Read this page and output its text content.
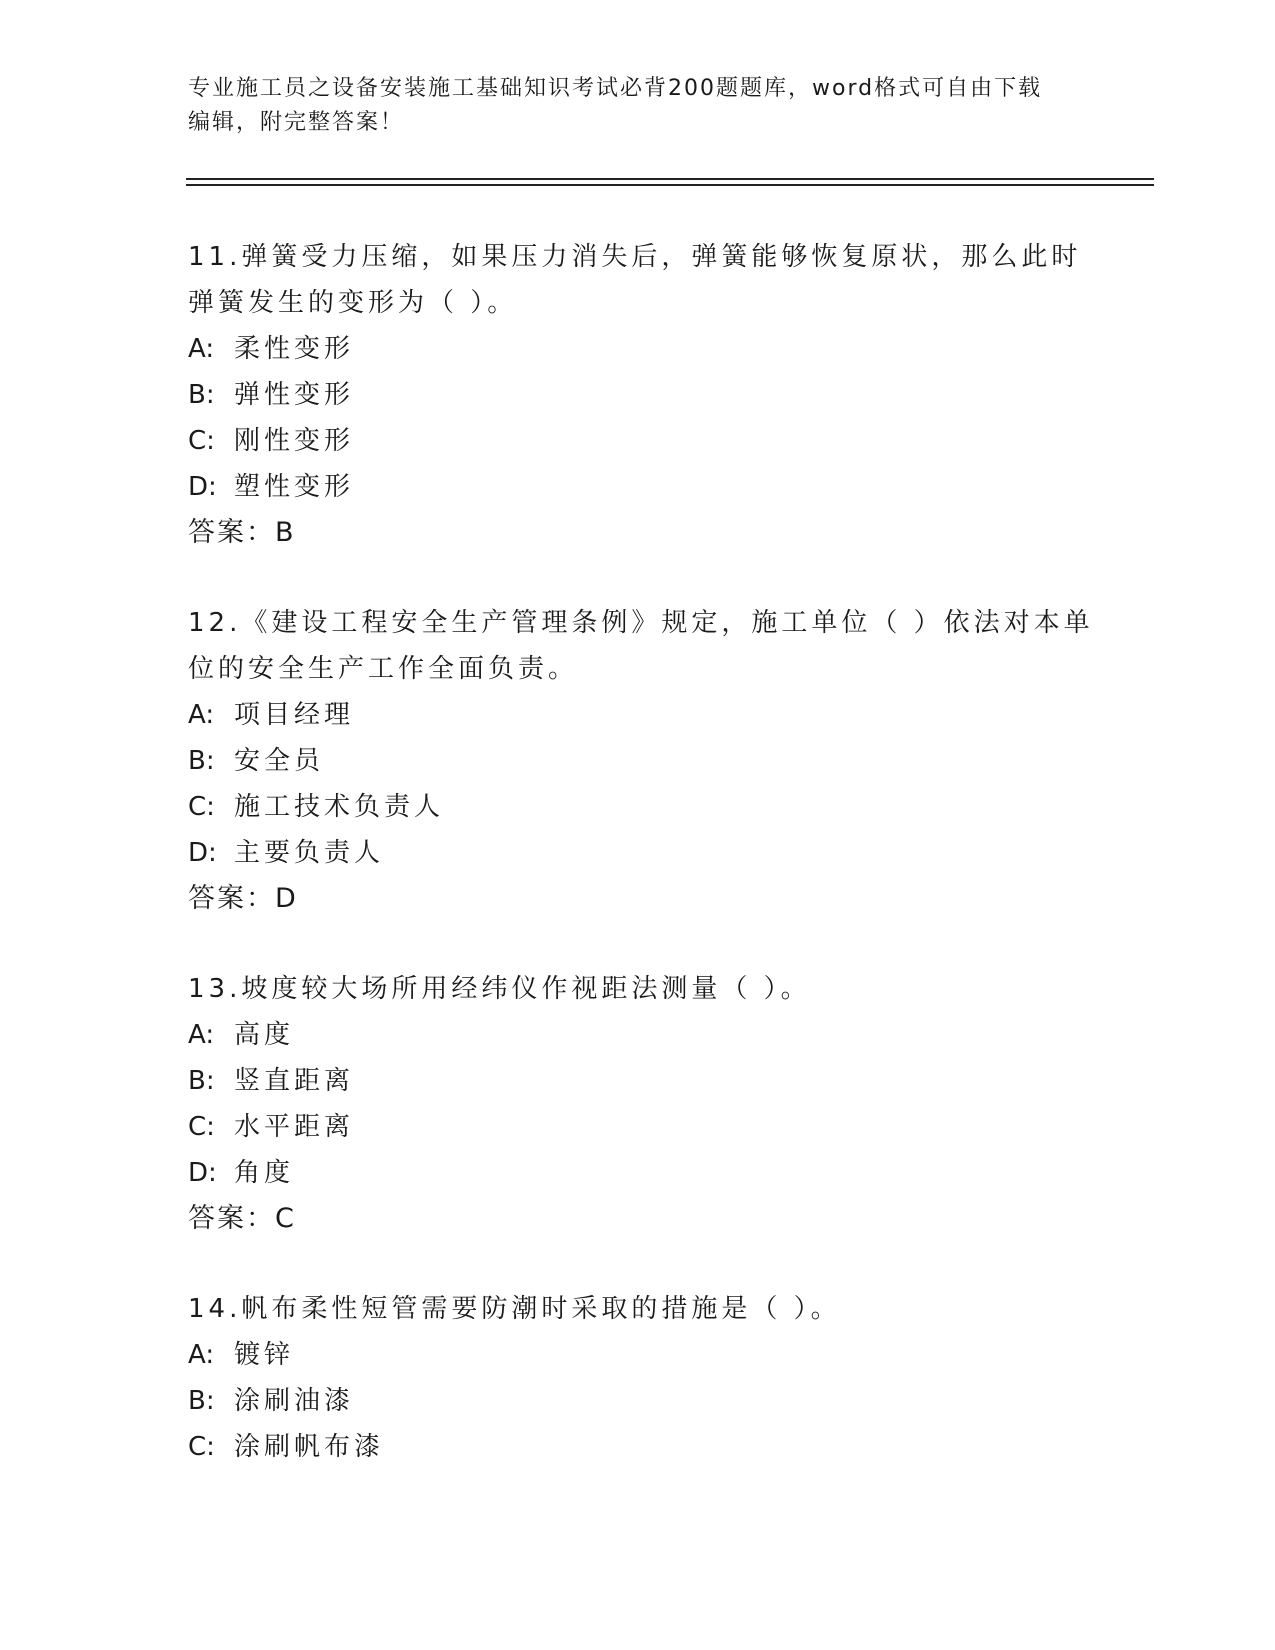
专业施工员之设备安装施工基础知识考试必背200题题库，word格式可自由下载
编辑，附完整答案！
11.弹簧受力压缩，如果压力消失后，弹簧能够恢复原状，那么此时弹簧发生的变形为（ ）。
A: 柔性变形
B: 弹性变形
C: 刚性变形
D: 塑性变形
答案：B
12.《建设工程安全生产管理条例》规定，施工单位（ ）依法对本单位的安全生产工作全面负责。
A: 项目经理
B: 安全员
C: 施工技术负责人
D: 主要负责人
答案：D
13.坡度较大场所用经纬仪作视距法测量（ ）。
A: 高度
B: 竖直距离
C: 水平距离
D: 角度
答案：C
14.帆布柔性短管需要防潮时采取的措施是（ ）。
A: 镀锌
B: 涂刷油漆
C: 涂刷帆布漆
